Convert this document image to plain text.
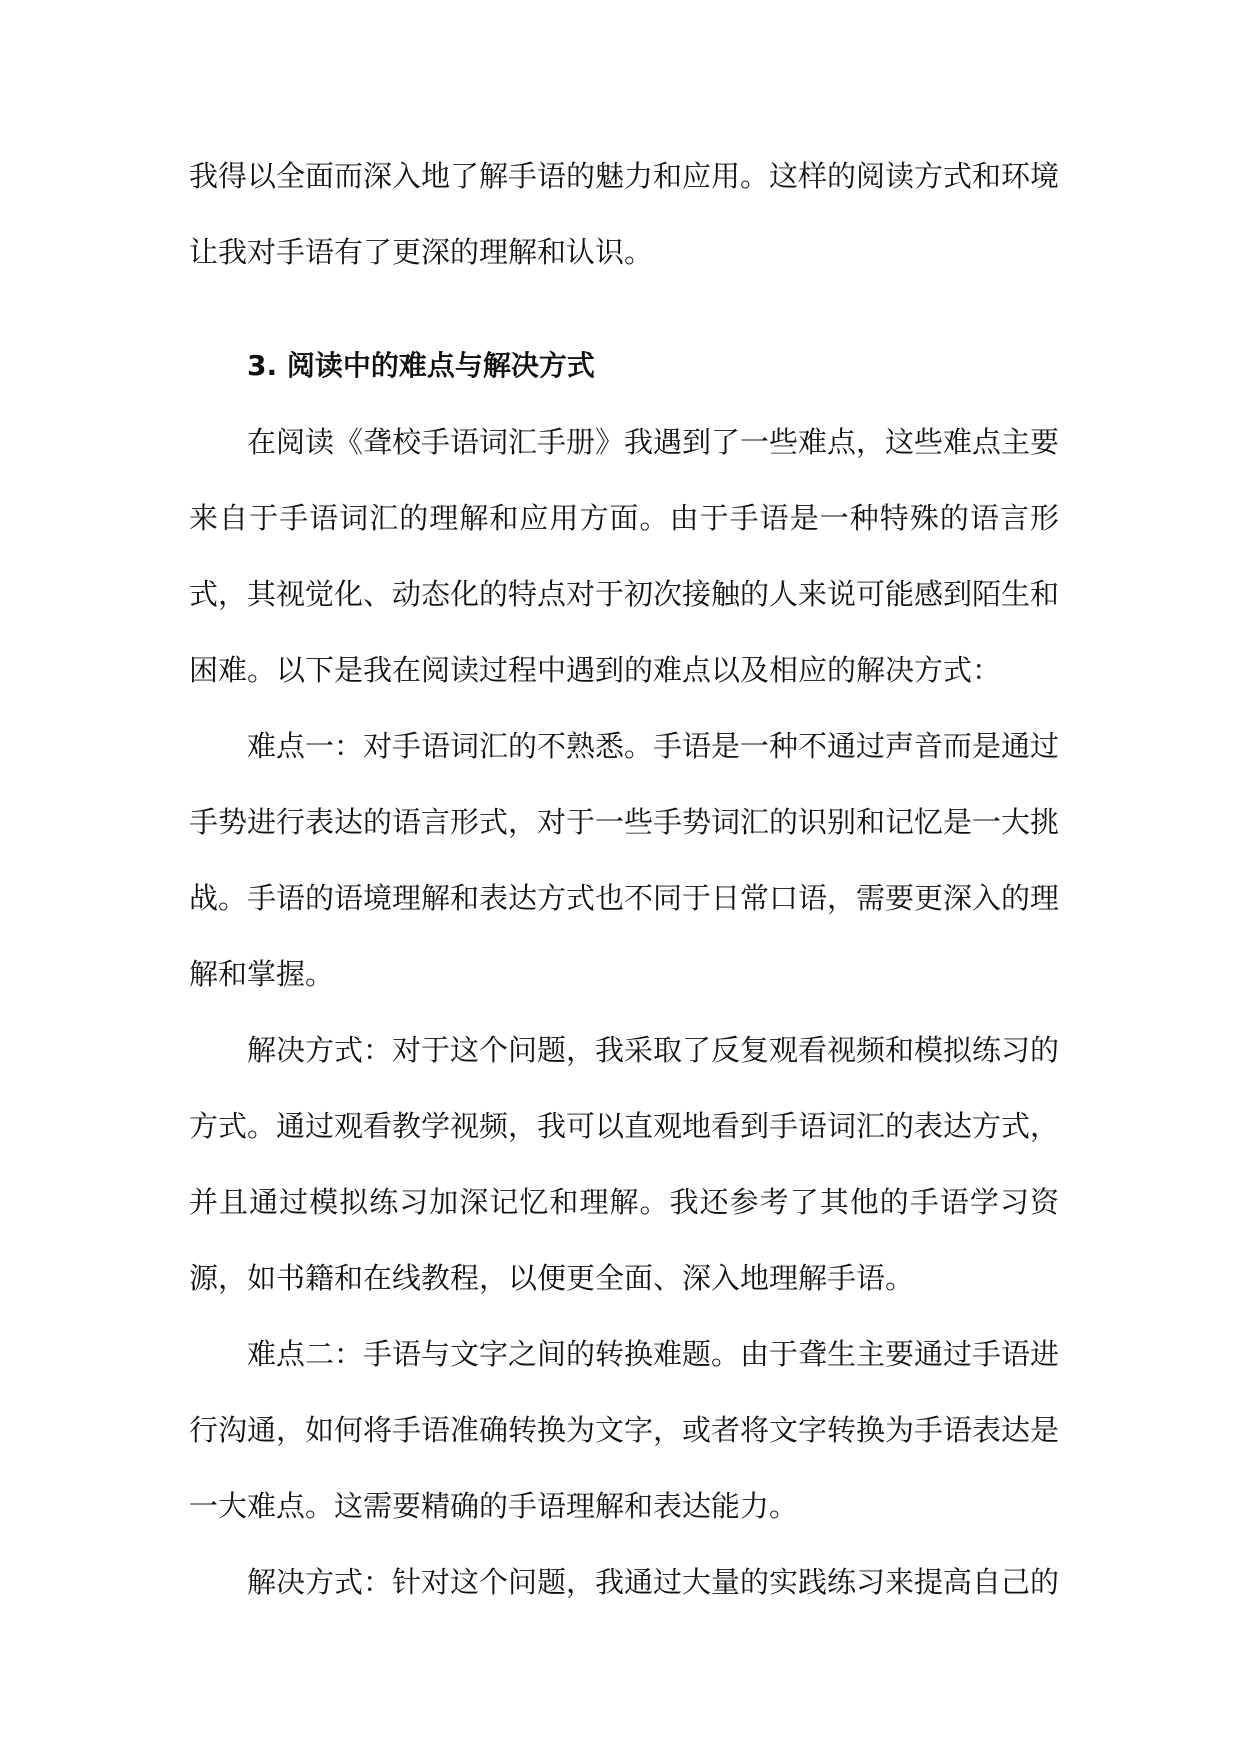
我得以全面而深入地了解手语的魅力和应用。这样的阅读方式和环境让我对手语有了更深的理解和认识。

3. 阅读中的难点与解决方式

在阅读《聋校手语词汇手册》我遇到了一些难点，这些难点主要来自于手语词汇的理解和应用方面。由于手语是一种特殊的语言形式，其视觉化、动态化的特点对于初次接触的人来说可能感到陌生和困难。以下是我在阅读过程中遇到的难点以及相应的解决方式：

难点一：对手语词汇的不熟悉。手语是一种不通过声音而是通过手势进行表达的语言形式，对于一些手势词汇的识别和记忆是一大挑战。手语的语境理解和表达方式也不同于日常口语，需要更深入的理解和掌握。

解决方式：对于这个问题，我采取了反复观看视频和模拟练习的方式。通过观看教学视频，我可以直观地看到手语词汇的表达方式，并且通过模拟练习加深记忆和理解。我还参考了其他的手语学习资源，如书籍和在线教程，以便更全面、深入地理解手语。

难点二：手语与文字之间的转换难题。由于聋生主要通过手语进行沟通，如何将手语准确转换为文字，或者将文字转换为手语表达是一大难点。这需要精确的手语理解和表达能力。

解决方式：针对这个问题，我通过大量的实践练习来提高自己的
